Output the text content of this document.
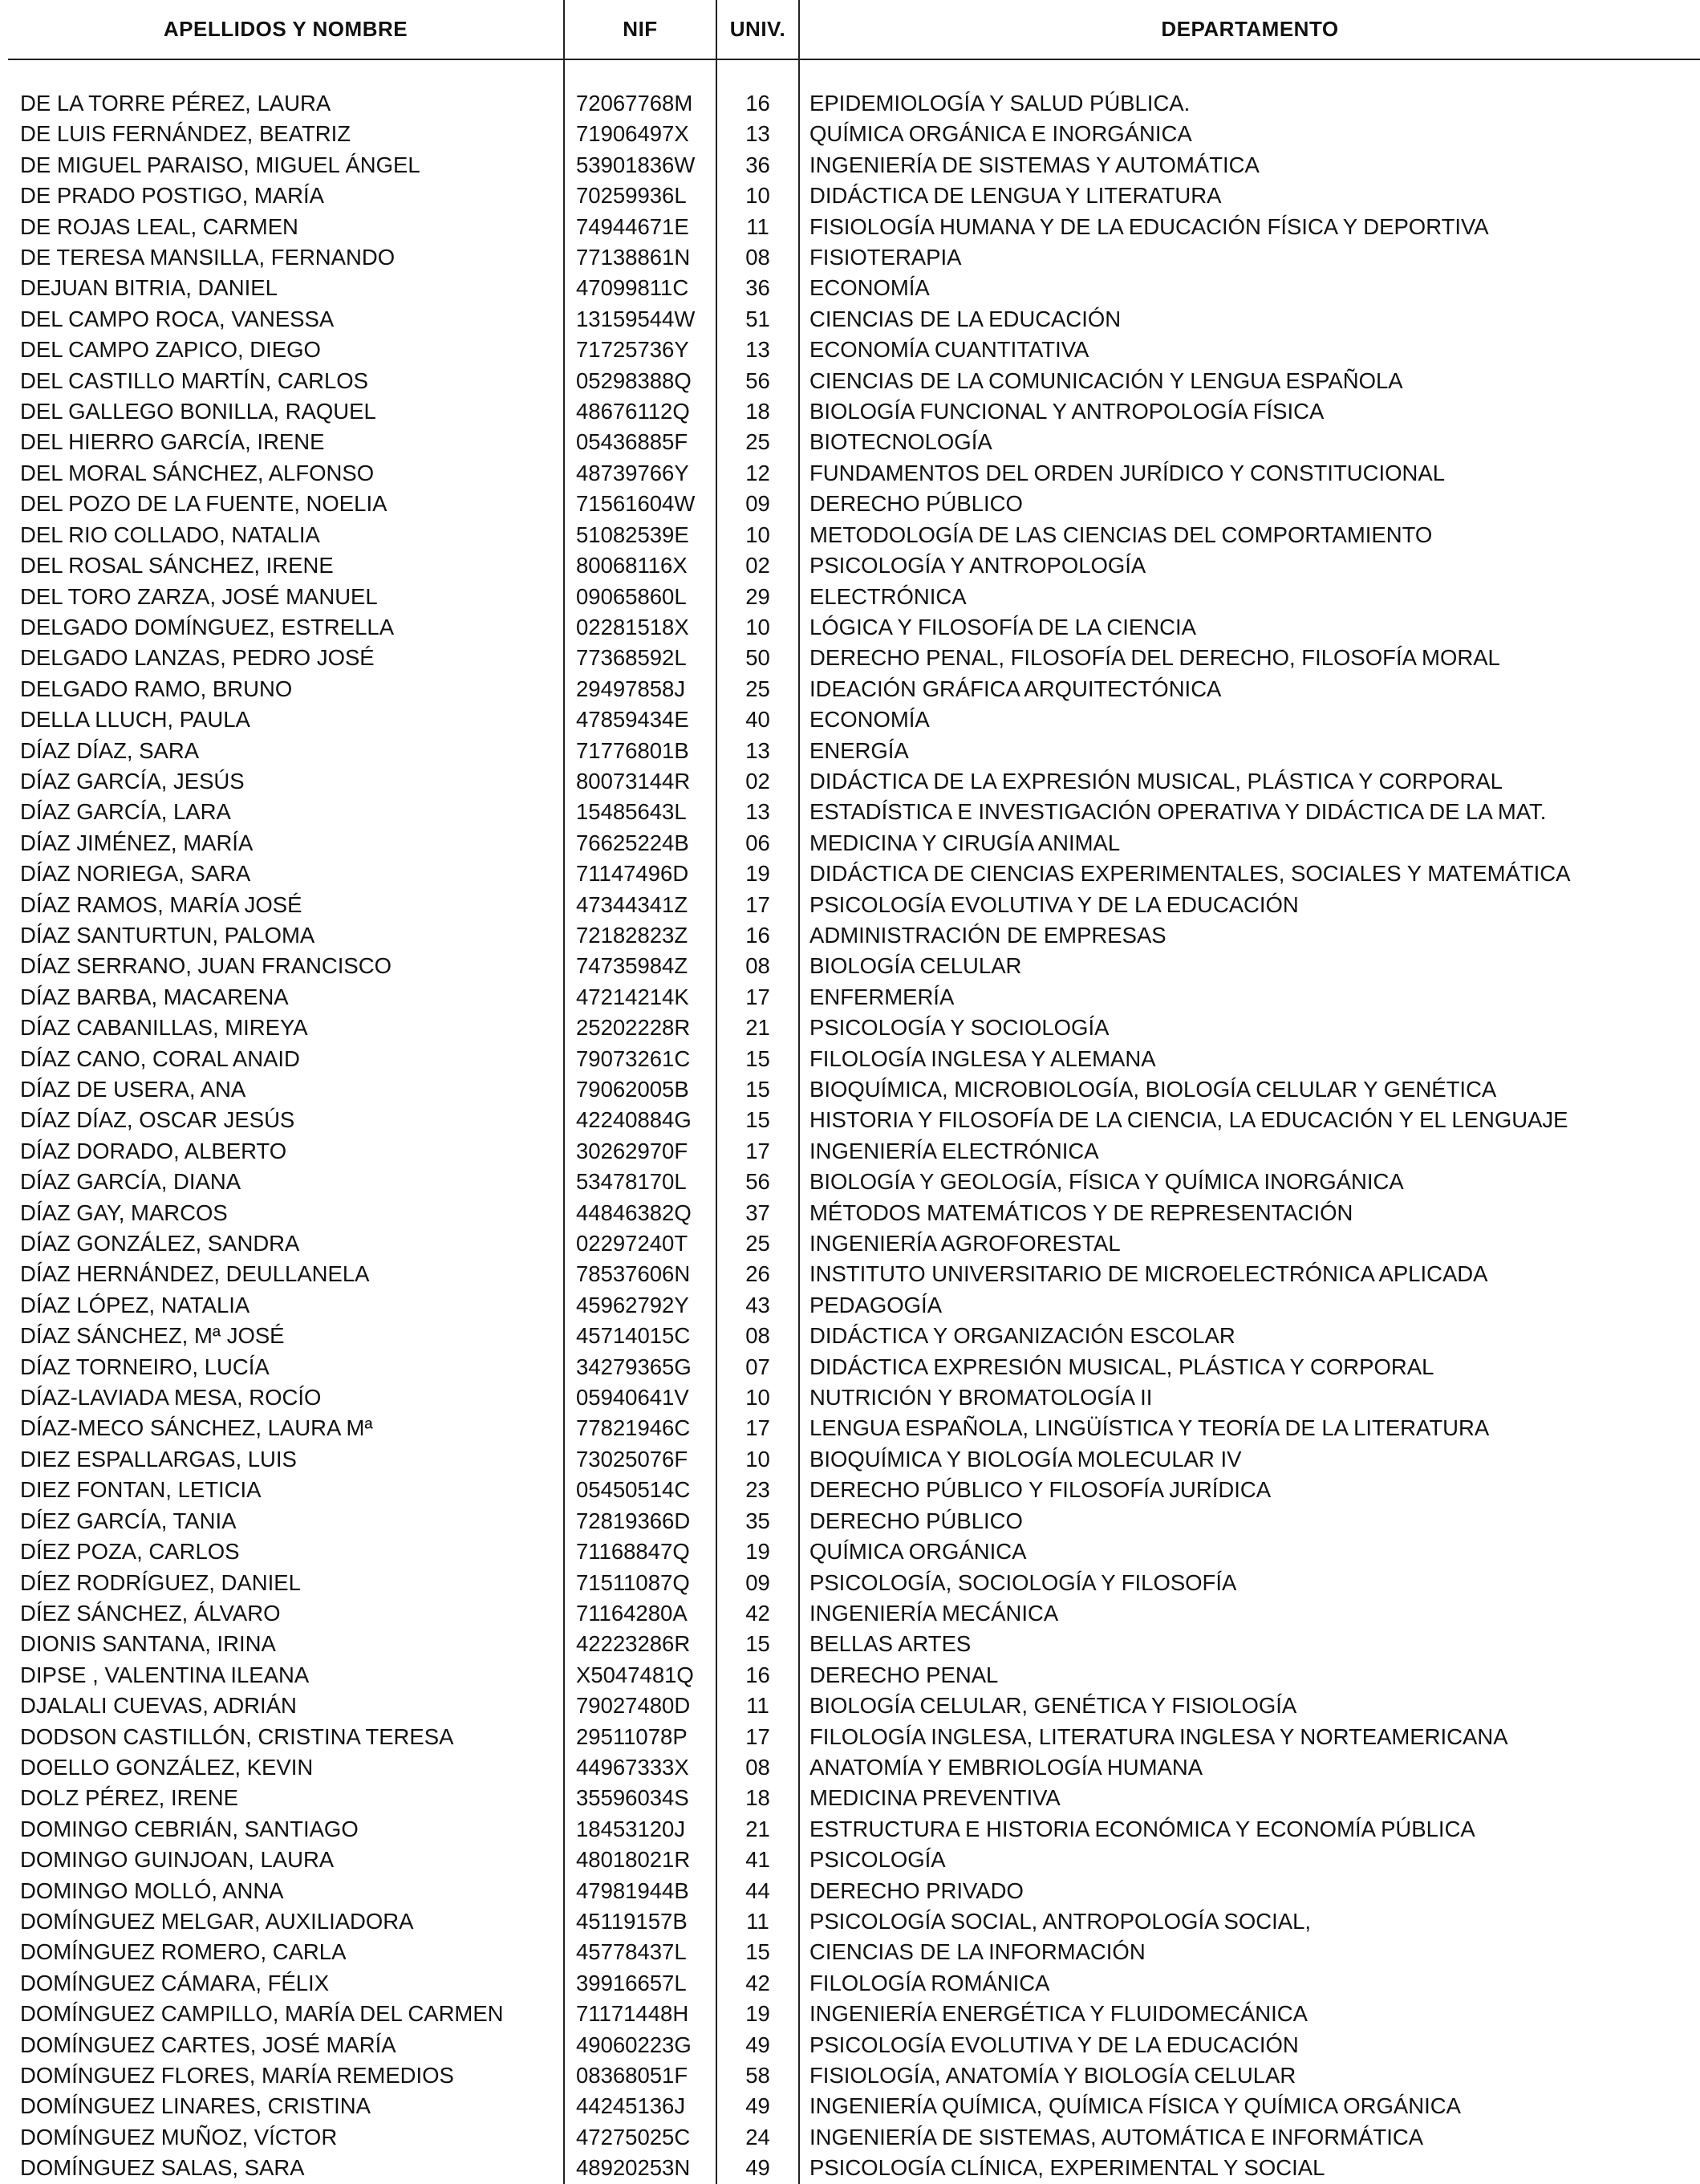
APELLIDOS Y NOMBRE	NIF	UNIV.	DEPARTAMENTO

DE LA TORRE PÉREZ, LAURA	72067768M	16	EPIDEMIOLOGÍA Y SALUD PÚBLICA.
DE LUIS FERNÁNDEZ, BEATRIZ	71906497X	13	QUÍMICA ORGÁNICA E INORGÁNICA
DE MIGUEL PARAISO, MIGUEL ÁNGEL	53901836W	36	INGENIERÍA DE SISTEMAS Y AUTOMÁTICA
DE PRADO POSTIGO, MARÍA	70259936L	10	DIDÁCTICA DE LENGUA Y LITERATURA
DE ROJAS LEAL, CARMEN	74944671E	11	FISIOLOGÍA HUMANA Y DE LA EDUCACIÓN FÍSICA Y DEPORTIVA
DE TERESA MANSILLA, FERNANDO	77138861N	08	FISIOTERAPIA
DEJUAN BITRIA, DANIEL	47099811C	36	ECONOMÍA
DEL CAMPO ROCA, VANESSA	13159544W	51	CIENCIAS DE LA EDUCACIÓN
DEL CAMPO ZAPICO, DIEGO	71725736Y	13	ECONOMÍA CUANTITATIVA
DEL CASTILLO MARTÍN, CARLOS	05298388Q	56	CIENCIAS DE LA COMUNICACIÓN Y LENGUA ESPAÑOLA
DEL GALLEGO BONILLA, RAQUEL	48676112Q	18	BIOLOGÍA FUNCIONAL Y ANTROPOLOGÍA FÍSICA
DEL HIERRO GARCÍA, IRENE	05436885F	25	BIOTECNOLOGÍA
DEL MORAL SÁNCHEZ, ALFONSO	48739766Y	12	FUNDAMENTOS DEL ORDEN JURÍDICO Y CONSTITUCIONAL
DEL POZO DE LA FUENTE, NOELIA	71561604W	09	DERECHO PÚBLICO
DEL RIO COLLADO, NATALIA	51082539E	10	METODOLOGÍA DE LAS CIENCIAS DEL COMPORTAMIENTO
DEL ROSAL SÁNCHEZ, IRENE	80068116X	02	PSICOLOGÍA Y ANTROPOLOGÍA
DEL TORO ZARZA, JOSÉ MANUEL	09065860L	29	ELECTRÓNICA
DELGADO DOMÍNGUEZ, ESTRELLA	02281518X	10	LÓGICA Y FILOSOFÍA DE LA CIENCIA
DELGADO LANZAS, PEDRO JOSÉ	77368592L	50	DERECHO PENAL, FILOSOFÍA DEL DERECHO, FILOSOFÍA MORAL
DELGADO RAMO, BRUNO	29497858J	25	IDEACIÓN GRÁFICA ARQUITECTÓNICA
DELLA LLUCH, PAULA	47859434E	40	ECONOMÍA
DÍAZ DÍAZ, SARA	71776801B	13	ENERGÍA
DÍAZ GARCÍA, JESÚS	80073144R	02	DIDÁCTICA DE LA EXPRESIÓN MUSICAL, PLÁSTICA Y CORPORAL
DÍAZ GARCÍA, LARA	15485643L	13	ESTADÍSTICA E INVESTIGACIÓN OPERATIVA Y DIDÁCTICA DE LA MAT.
DÍAZ JIMÉNEZ, MARÍA	76625224B	06	MEDICINA Y CIRUGÍA ANIMAL
DÍAZ NORIEGA, SARA	71147496D	19	DIDÁCTICA DE CIENCIAS EXPERIMENTALES, SOCIALES Y MATEMÁTICA
DÍAZ RAMOS, MARÍA JOSÉ	47344341Z	17	PSICOLOGÍA EVOLUTIVA Y DE LA EDUCACIÓN
DÍAZ SANTURTUN, PALOMA	72182823Z	16	ADMINISTRACIÓN DE EMPRESAS
DÍAZ SERRANO, JUAN FRANCISCO	74735984Z	08	BIOLOGÍA CELULAR
DÍAZ BARBA, MACARENA	47214214K	17	ENFERMERÍA
DÍAZ CABANILLAS, MIREYA	25202228R	21	PSICOLOGÍA Y SOCIOLOGÍA
DÍAZ CANO, CORAL ANAID	79073261C	15	FILOLOGÍA INGLESA Y ALEMANA
DÍAZ DE USERA, ANA	79062005B	15	BIOQUÍMICA, MICROBIOLOGÍA, BIOLOGÍA CELULAR Y GENÉTICA
DÍAZ DÍAZ, OSCAR JESÚS	42240884G	15	HISTORIA Y FILOSOFÍA DE LA CIENCIA, LA EDUCACIÓN Y EL LENGUAJE
DÍAZ DORADO, ALBERTO	30262970F	17	INGENIERÍA ELECTRÓNICA
DÍAZ GARCÍA, DIANA	53478170L	56	BIOLOGÍA Y GEOLOGÍA, FÍSICA Y QUÍMICA INORGÁNICA
DÍAZ GAY, MARCOS	44846382Q	37	MÉTODOS MATEMÁTICOS Y DE REPRESENTACIÓN
DÍAZ GONZÁLEZ, SANDRA	02297240T	25	INGENIERÍA AGROFORESTAL
DÍAZ HERNÁNDEZ, DEULLANELA	78537606N	26	INSTITUTO UNIVERSITARIO DE MICROELECTRÓNICA APLICADA
DÍAZ LÓPEZ, NATALIA	45962792Y	43	PEDAGOGÍA
DÍAZ SÁNCHEZ, Mª JOSÉ	45714015C	08	DIDÁCTICA Y ORGANIZACIÓN ESCOLAR
DÍAZ TORNEIRO, LUCÍA	34279365G	07	DIDÁCTICA EXPRESIÓN MUSICAL, PLÁSTICA Y CORPORAL
DÍAZ-LAVIADA MESA, ROCÍO	05940641V	10	NUTRICIÓN Y BROMATOLOGÍA II
DÍAZ-MECO SÁNCHEZ, LAURA Mª	77821946C	17	LENGUA ESPAÑOLA, LINGÜÍSTICA Y TEORÍA DE LA LITERATURA
DIEZ ESPALLARGAS, LUIS	73025076F	10	BIOQUÍMICA Y BIOLOGÍA MOLECULAR IV
DIEZ FONTAN, LETICIA	05450514C	23	DERECHO PÚBLICO Y FILOSOFÍA JURÍDICA
DÍEZ GARCÍA, TANIA	72819366D	35	DERECHO PÚBLICO
DÍEZ POZA, CARLOS	71168847Q	19	QUÍMICA ORGÁNICA
DÍEZ RODRÍGUEZ, DANIEL	71511087Q	09	PSICOLOGÍA, SOCIOLOGÍA Y FILOSOFÍA
DÍEZ SÁNCHEZ, ÁLVARO	71164280A	42	INGENIERÍA MECÁNICA
DIONIS SANTANA, IRINA	42223286R	15	BELLAS ARTES
DIPSE , VALENTINA ILEANA	X5047481Q	16	DERECHO PENAL
DJALALI CUEVAS, ADRIÁN	79027480D	11	BIOLOGÍA CELULAR, GENÉTICA Y FISIOLOGÍA
DODSON CASTILLÓN, CRISTINA TERESA	29511078P	17	FILOLOGÍA INGLESA, LITERATURA INGLESA Y NORTEAMERICANA
DOELLO GONZÁLEZ, KEVIN	44967333X	08	ANATOMÍA Y EMBRIOLOGÍA HUMANA
DOLZ PÉREZ, IRENE	35596034S	18	MEDICINA PREVENTIVA
DOMINGO CEBRIÁN, SANTIAGO	18453120J	21	ESTRUCTURA E HISTORIA ECONÓMICA Y ECONOMÍA PÚBLICA
DOMINGO GUINJOAN, LAURA	48018021R	41	PSICOLOGÍA
DOMINGO MOLLÓ, ANNA	47981944B	44	DERECHO PRIVADO
DOMÍNGUEZ MELGAR, AUXILIADORA	45119157B	11	PSICOLOGÍA SOCIAL, ANTROPOLOGÍA SOCIAL,
DOMÍNGUEZ ROMERO, CARLA	45778437L	15	CIENCIAS DE LA INFORMACIÓN
DOMÍNGUEZ CÁMARA, FÉLIX	39916657L	42	FILOLOGÍA ROMÁNICA
DOMÍNGUEZ CAMPILLO, MARÍA DEL CARMEN	71171448H	19	INGENIERÍA ENERGÉTICA Y FLUIDOMECÁNICA
DOMÍNGUEZ CARTES, JOSÉ MARÍA	49060223G	49	PSICOLOGÍA EVOLUTIVA Y DE LA EDUCACIÓN
DOMÍNGUEZ FLORES, MARÍA REMEDIOS	08368051F	58	FISIOLOGÍA, ANATOMÍA Y BIOLOGÍA CELULAR
DOMÍNGUEZ LINARES, CRISTINA	44245136J	49	INGENIERÍA QUÍMICA, QUÍMICA FÍSICA Y QUÍMICA ORGÁNICA
DOMÍNGUEZ MUÑOZ, VÍCTOR	47275025C	24	INGENIERÍA DE SISTEMAS, AUTOMÁTICA E INFORMÁTICA
DOMÍNGUEZ SALAS, SARA	48920253N	49	PSICOLOGÍA CLÍNICA, EXPERIMENTAL Y SOCIAL
